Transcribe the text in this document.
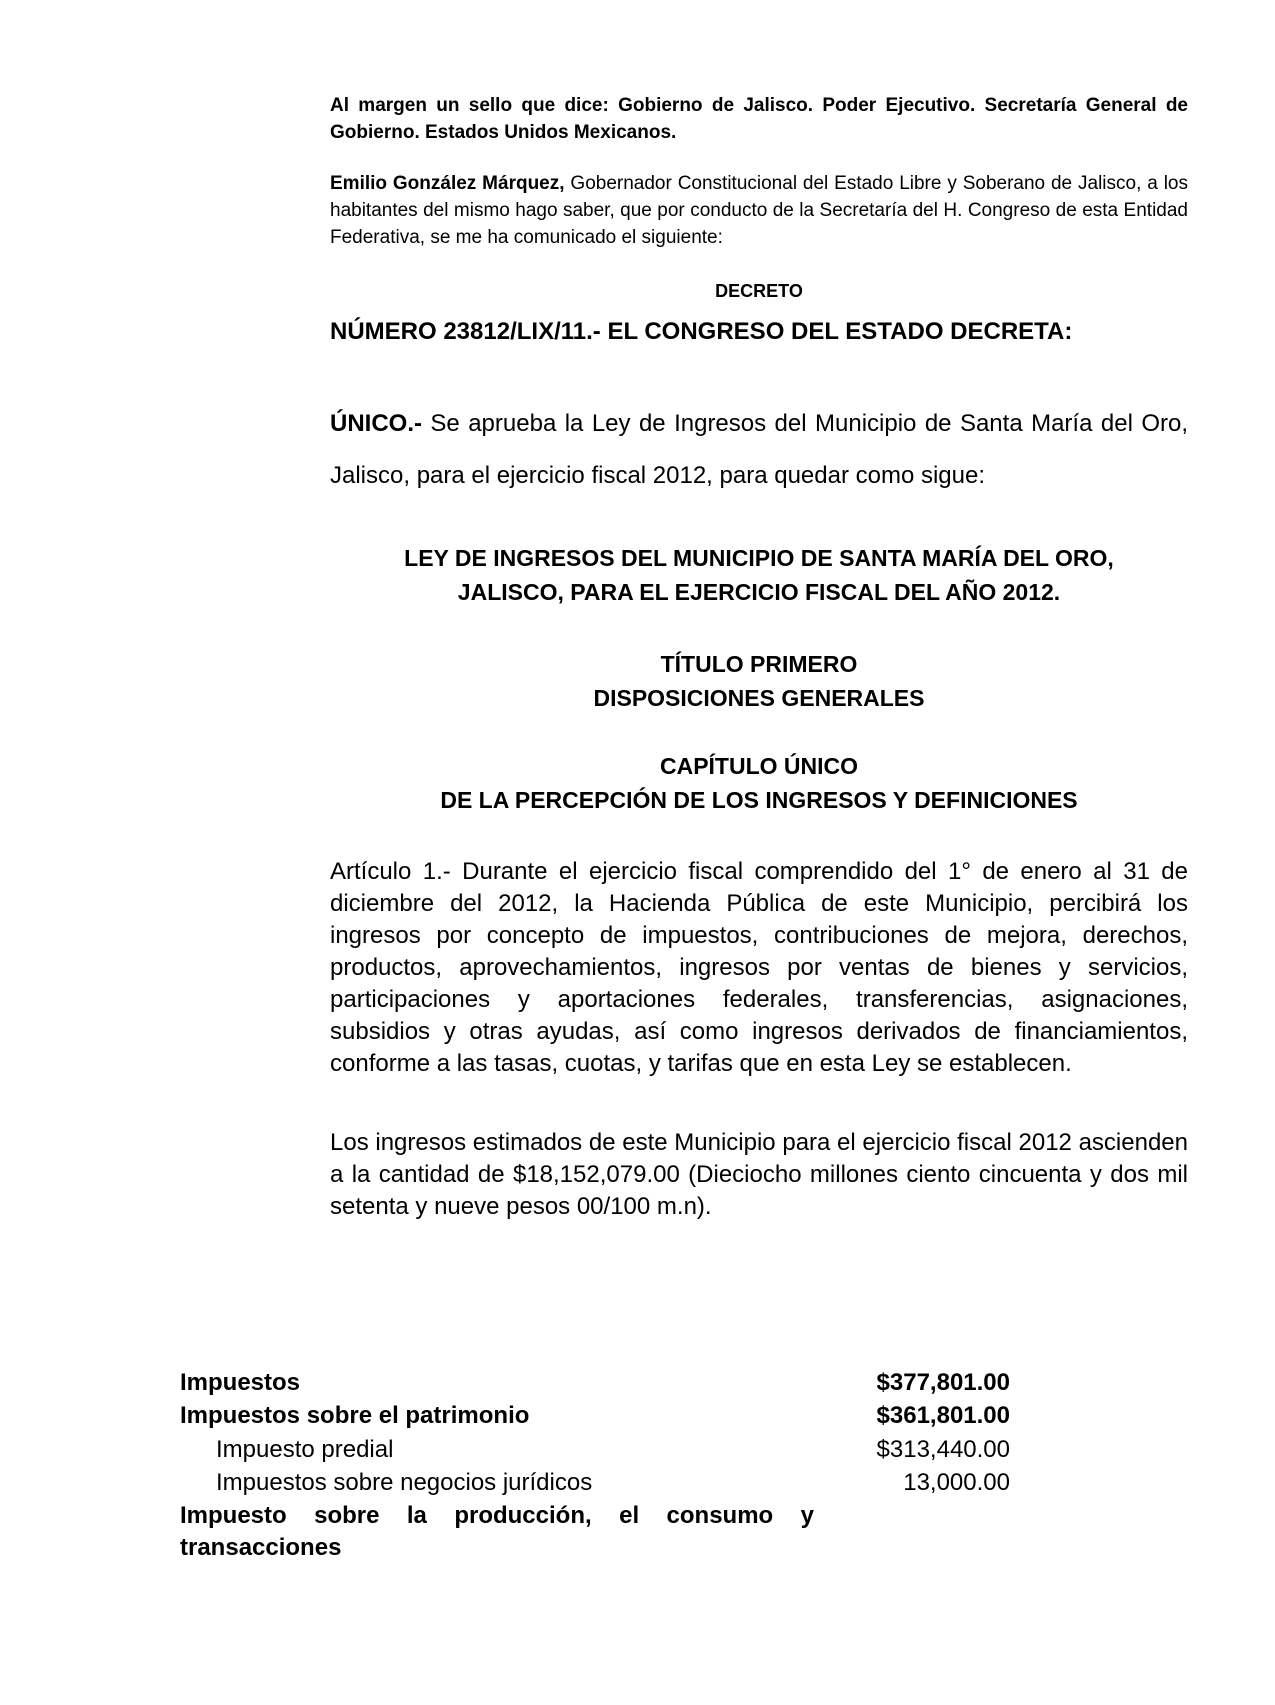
Al margen un sello que dice: Gobierno de Jalisco. Poder Ejecutivo. Secretaría General de Gobierno. Estados Unidos Mexicanos.
Emilio González Márquez, Gobernador Constitucional del Estado Libre y Soberano de Jalisco, a los habitantes del mismo hago saber, que por conducto de la Secretaría del H. Congreso de esta Entidad Federativa, se me ha comunicado el siguiente:
DECRETO
NÚMERO 23812/LIX/11.- EL CONGRESO DEL ESTADO DECRETA:
ÚNICO.- Se aprueba la Ley de Ingresos del Municipio de Santa María del Oro, Jalisco, para el ejercicio fiscal 2012, para quedar como sigue:
LEY DE INGRESOS DEL MUNICIPIO DE SANTA MARÍA DEL ORO,
JALISCO, PARA EL EJERCICIO FISCAL DEL AÑO 2012.
TÍTULO PRIMERO
DISPOSICIONES GENERALES
CAPÍTULO ÚNICO
DE LA PERCEPCIÓN DE LOS INGRESOS Y DEFINICIONES
Artículo 1.- Durante el ejercicio fiscal comprendido del 1° de enero al 31 de diciembre del 2012, la Hacienda Pública de este Municipio, percibirá los ingresos por concepto de impuestos, contribuciones de mejora, derechos, productos, aprovechamientos, ingresos por ventas de bienes y servicios, participaciones y aportaciones federales, transferencias, asignaciones, subsidios y otras ayudas, así como ingresos derivados de financiamientos, conforme a las tasas, cuotas, y tarifas que en esta Ley se establecen.
Los ingresos estimados de este Municipio para el ejercicio fiscal 2012 ascienden a la cantidad de $18,152,079.00 (Dieciocho millones ciento cincuenta y dos mil setenta y nueve pesos 00/100 m.n).
Impuestos	$377,801.00
Impuestos sobre el patrimonio	$361,801.00
Impuesto predial	$313,440.00
Impuestos sobre negocios jurídicos	13,000.00
Impuesto sobre la producción, el consumo y transacciones
